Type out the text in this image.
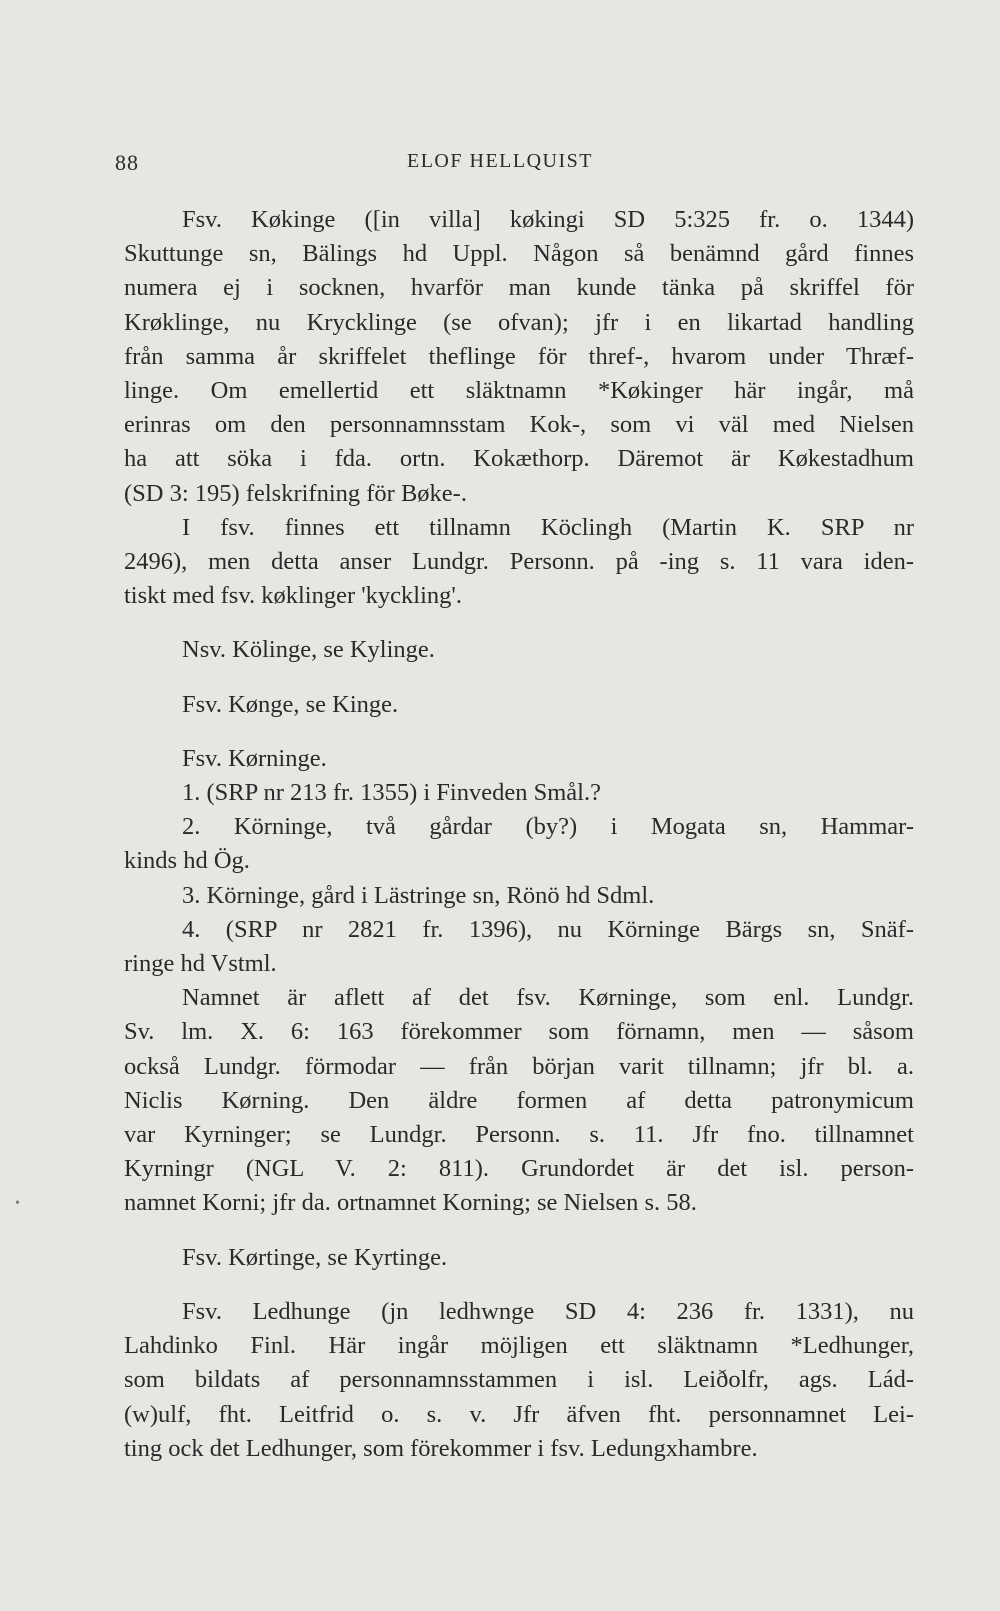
88	ELOF HELLQUIST
•
Fsv. Køkinge ([in villa] køkingi SD 5:325 fr. o. 1344)
Skuttunge sn, Bälings hd Uppl. Någon så benämnd gård finnes
numera ej i socknen, hvarför man kunde tänka på skriffel för
Krøklinge, nu Krycklinge (se ofvan); jfr i en likartad handling
från samma år skriffelet theflinge för thref-, hvarom under Thræf-
linge. Om emellertid ett släktnamn *Køkinger här ingår, må
erinras om den personnamnsstam Kok-, som vi väl med Nielsen
ha att söka i fda. ortn. Kokæthorp. Däremot är Køkestadhum
(SD 3: 195) felskrifning för Bøke-.
I fsv. finnes ett tillnamn Köclingh (Martin K. SRP nr
2496), men detta anser Lundgr. Personn. på -ing s. 11 vara iden-
tiskt med fsv. køklinger 'kyckling'.
Nsv. Kölinge, se Kylinge.
Fsv. Kønge, se Kinge.
Fsv. Kørninge.
1. (SRP nr 213 fr. 1355) i Finveden Smål.?
2. Körninge, två gårdar (by?) i Mogata sn, Hammar-
kinds hd Ög.
3. Körninge, gård i Lästringe sn, Rönö hd Sdml.
4. (SRP nr 2821 fr. 1396), nu Körninge Bärgs sn, Snäf-
ringe hd Vstml.
Namnet är aflett af det fsv. Kørninge, som enl. Lundgr.
Sv. lm. X. 6: 163 förekommer som förnamn, men — såsom
också Lundgr. förmodar — från början varit tillnamn; jfr bl. a.
Niclis Kørning. Den äldre formen af detta patronymicum
var Kyrninger; se Lundgr. Personn. s. 11. Jfr fno. tillnamnet
Kyrningr (NGL V. 2: 811). Grundordet är det isl. person-
namnet Korni; jfr da. ortnamnet Korning; se Nielsen s. 58.
Fsv. Kørtinge, se Kyrtinge.
Fsv. Ledhunge (jn ledhwnge SD 4: 236 fr. 1331), nu
Lahdinko Finl. Här ingår möjligen ett släktnamn *Ledhunger,
som bildats af personnamnsstammen i isl. Leiðolfr, ags. Lád-
(w)ulf, fht. Leitfrid o. s. v. Jfr äfven fht. personnamnet Lei-
ting ock det Ledhunger, som förekommer i fsv. Ledungxhambre.
